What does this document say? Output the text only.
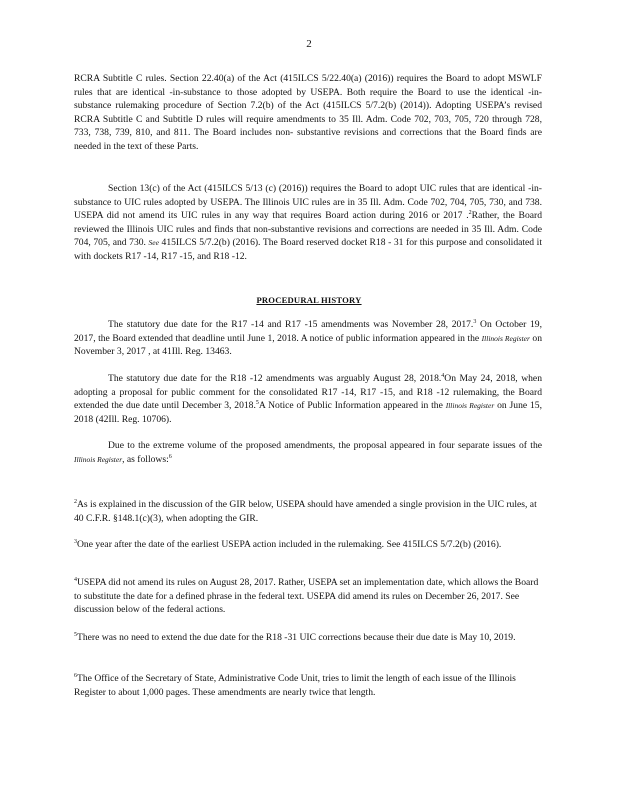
2

RCRA Subtitle C rules. Section 22.40(a) of the Act (415ILCS 5/22.40(a) (2016)) requires the Board to adopt MSWLF rules that are identical -in-substance to those adopted by USEPA. Both require the Board to use the identical -in-substance rulemaking procedure of Section 7.2(b) of the Act (415ILCS 5/7.2(b) (2014)). Adopting USEPA’s revised RCRA Subtitle C and Subtitle D rules will require amendments to 35 Ill. Adm. Code 702, 703, 705, 720 through 728, 733, 738, 739, 810, and 811. The Board includes non- substantive revisions and corrections that the Board finds are needed in the text of these Parts.

Section 13(c) of the Act (415ILCS 5/13 (c) (2016)) requires the Board to adopt UIC rules that are identical -in-substance to UIC rules adopted by USEPA. The Illinois UIC rules are in 35 Ill. Adm. Code 702, 704, 705, 730, and 738. USEPA did not amend its UIC rules in any way that requires Board action during 2016 or 2017 .$^2$Rather, the Board reviewed the Illinois UIC rules and finds that non-substantive revisions and corrections are needed in 35 Ill. Adm. Code 704, 705, and 730. See 415ILCS 5/7.2(b) (2016). The Board reserved docket R18 - 31 for this purpose and consolidated it with dockets R17 -14, R17 -15, and R18 -12.

PROCEDURAL HISTORY

The statutory due date for the R17 -14 and R17 -15 amendments was November 28, 2017.$^3$ On October 19, 2017, the Board extended that deadline until June 1, 2018. A notice of public information appeared in the Illinois Register on November 3, 2017 , at 41Ill. Reg. 13463.

The statutory due date for the R18 -12 amendments was arguably August 28, 2018.$^4$On May 24, 2018, when adopting a proposal for public comment for the consolidated R17 -14, R17 -15, and R18 -12 rulemaking, the Board extended the due date until December 3, 2018.$^5$A Notice of Public Information appeared in the Illinois Register on June 15, 2018 (42Ill. Reg. 10706).

Due to the extreme volume of the proposed amendments, the proposal appeared in four separate issues of the Illinois Register, as follows:$^6$

$^2$As is explained in the discussion of the GIR below, USEPA should have amended a single provision in the UIC rules, at 40 C.F.R. §148.1(c)(3), when adopting the GIR.

$^3$One year after the date of the earliest USEPA action included in the rulemaking. See 415ILCS 5/7.2(b) (2016).

$^4$USEPA did not amend its rules on August 28, 2017. Rather, USEPA set an implementation date, which allows the Board to substitute the date for a defined phrase in the federal text. USEPA did amend its rules on December 26, 2017. See discussion below of the federal actions.

$^5$There was no need to extend the due date for the R18 -31 UIC corrections because their due date is May 10, 2019.

$^6$The Office of the Secretary of State, Administrative Code Unit, tries to limit the length of each issue of the Illinois Register to about 1,000 pages. These amendments are nearly twice that length.
